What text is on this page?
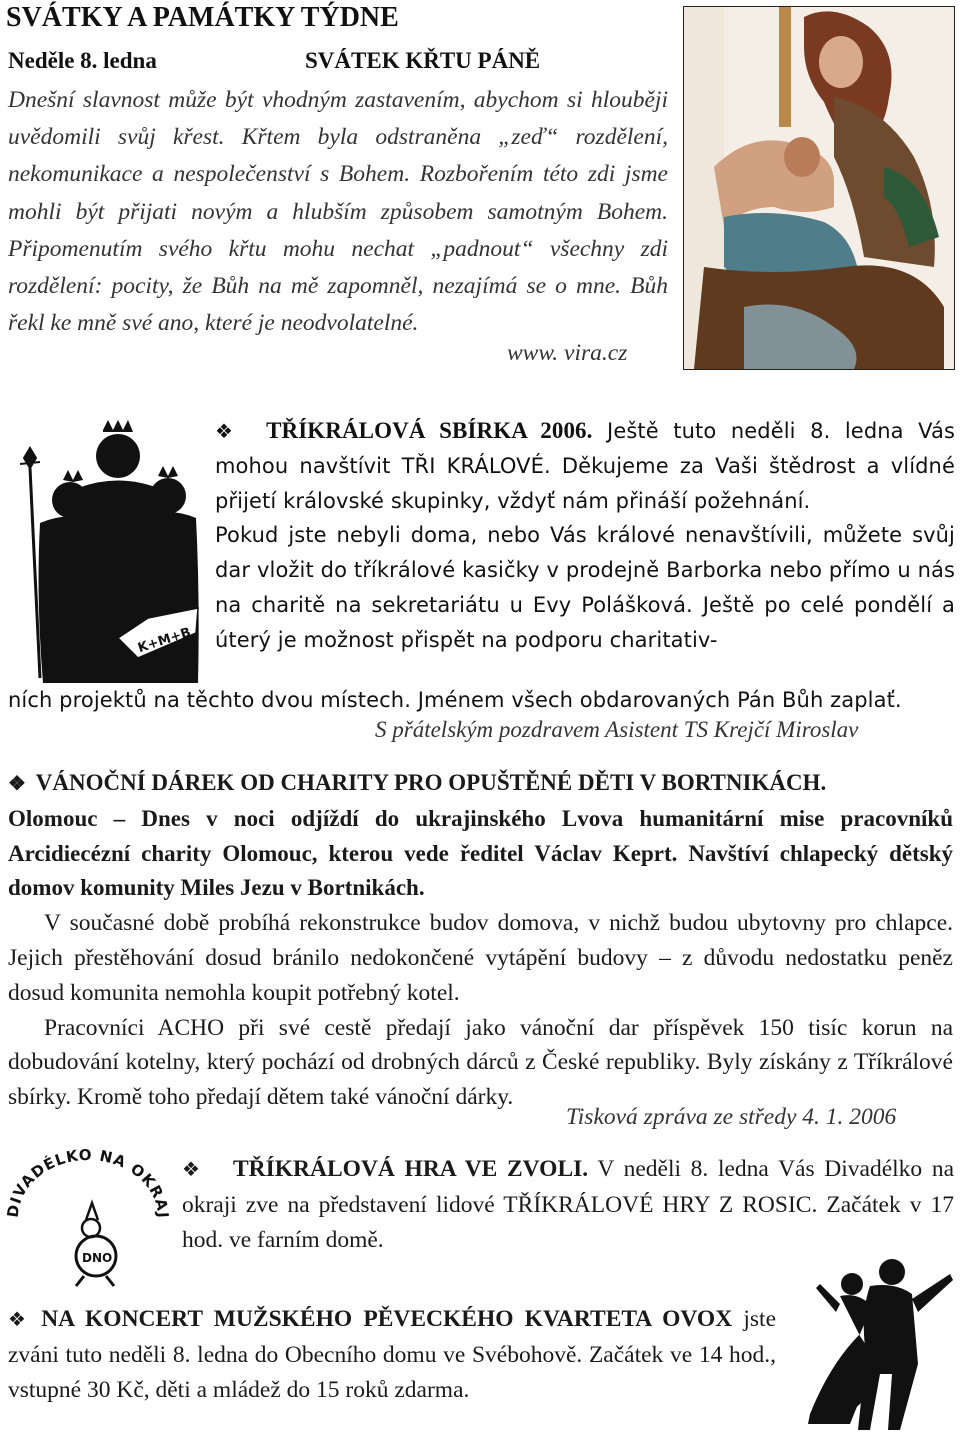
SVÁTKY A PAMÁTKY TÝDNE
Neděle 8. ledna	SVÁTEK KŘTU PÁNĚ

Dnešní slavnost může být vhodným zastavením, abychom si hlouběji uvědomili svůj křest. Křtem byla odstraněna „zeď“ rozdělení, nekomunikace a nespolečenství s Bohem. Rozbořením této zdi jsme mohli být přijati novým a hlubším způsobem samotným Bohem. Připomenutím svého křtu mohu nechat „padnout“ všechny zdi rozdělení: pocity, že Bůh na mě zapomněl, nezajímá se o mne. Bůh řekl ke mně své ano, které je neodvolatelné.

www. vira.cz
K+M+B

❖ TŘÍKRÁLOVÁ SBÍRKA 2006. Ještě tuto neděli 8. ledna Vás mohou navštívit TŘI KRÁLOVÉ. Děkujeme za Vaši štědrost a vlídné přijetí královské skupinky, vždyť nám přináší požehnání.

Pokud jste nebyli doma, nebo Vás králové nenavštívili, můžete svůj dar vložit do tříkrálové kasičky v prodejně Barborka nebo přímo u nás na charitě na sekretariátu u Evy Polášková. Ještě po celé pondělí a úterý je možnost přispět na podporu charitativ-

ních projektů na těchto dvou místech. Jménem všech obdarovaných Pán Bůh zaplať.

S přátelským pozdravem Asistent TS Krejčí Miroslav

❖ VÁNOČNÍ DÁREK OD CHARITY PRO OPUŠTĚNÉ DĚTI V BORTNIKÁCH.

Olomouc – Dnes v noci odjíždí do ukrajinského Lvova humanitární mise pracovníků Arcidiecézní charity Olomouc, kterou vede ředitel Václav Keprt. Navštíví chlapecký dětský domov komunity Miles Jezu v Bortnikách.

V současné době probíhá rekonstrukce budov domova, v nichž budou ubytovny pro chlapce. Jejich přestěhování dosud bránilo nedokončené vytápění budovy – z důvodu nedostatku peněz dosud komunita nemohla koupit potřebný kotel.

Pracovníci ACHO při své cestě předají jako vánoční dar příspěvek 150 tisíc korun na dobudování kotelny, který pochází od drobných dárců z České republiky. Byly získány z Tříkrálové sbírky. Kromě toho předají dětem také vánoční dárky.

Tisková zpráva ze středy 4. 1. 2006
IVADÉLKO NA OKRAJ
DNO

❖ TŘÍKRÁLOVÁ HRA VE ZVOLI. V neděli 8. ledna Vás Divadélko na okraji zve na představení lidové TŘÍKRÁLOVÉ HRY Z ROSIC. Začátek v 17 hod. ve farním domě.

❖ NA KONCERT MUŽSKÉHO PĚVECKÉHO KVARTETA OVOX jste zváni tuto neděli 8. ledna do Obecního domu ve Svébohově. Začátek ve 14 hod., vstupné 30 Kč, děti a mládež do 15 roků zdarma.
